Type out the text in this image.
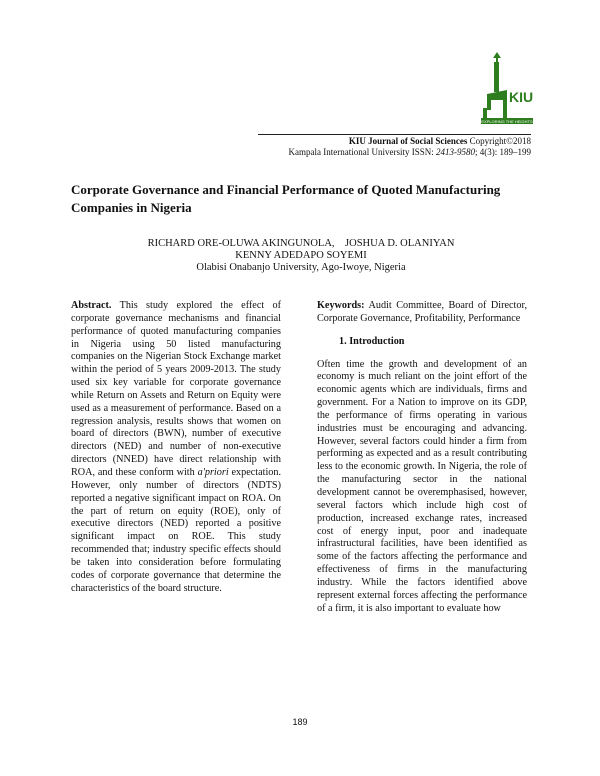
KIU
EXPLORING THE HEIGHTS
KIU Journal of Social Sciences Copyright©2018
Kampala International University ISSN: 2413-9580; 4(3): 189–199
Corporate Governance and Financial Performance of Quoted Manufacturing Companies in Nigeria
RICHARD ORE-OLUWA AKINGUNOLA, JOSHUA D. OLANIYAN
KENNY ADEDAPO SOYEMI
Olabisi Onabanjo University, Ago-Iwoye, Nigeria

Abstract. This study explored the effect of corporate governance mechanisms and financial performance of quoted manufacturing companies in Nigeria using 50 listed manufacturing companies on the Nigerian Stock Exchange market within the period of 5 years 2009-2013. The study used six key variable for corporate governance while Return on Assets and Return on Equity were used as a measurement of performance. Based on a regression analysis, results shows that women on board of directors (BWN), number of executive directors (NED) and number of non-executive directors (NNED) have direct relationship with ROA, and these conform with a'priori expectation. However, only number of directors (NDTS) reported a negative significant impact on ROA. On the part of return on equity (ROE), only of executive directors (NED) reported a positive significant impact on ROE. This study recommended that; industry specific effects should be taken into consideration before formulating codes of corporate governance that determine the characteristics of the board structure.

Keywords: Audit Committee, Board of Director, Corporate Governance, Profitability, Performance

1. Introduction

Often time the growth and development of an economy is much reliant on the joint effort of the economic agents which are individuals, firms and government. For a Nation to improve on its GDP, the performance of firms operating in various industries must be encouraging and advancing. However, several factors could hinder a firm from performing as expected and as a result contributing less to the economic growth. In Nigeria, the role of the manufacturing sector in the national development cannot be overemphasised, however, several factors which include high cost of production, increased exchange rates, increased cost of energy input, poor and inadequate infrastructural facilities, have been identified as some of the factors affecting the performance and effectiveness of firms in the manufacturing industry. While the factors identified above represent external forces affecting the performance of a firm, it is also important to evaluate how

189
